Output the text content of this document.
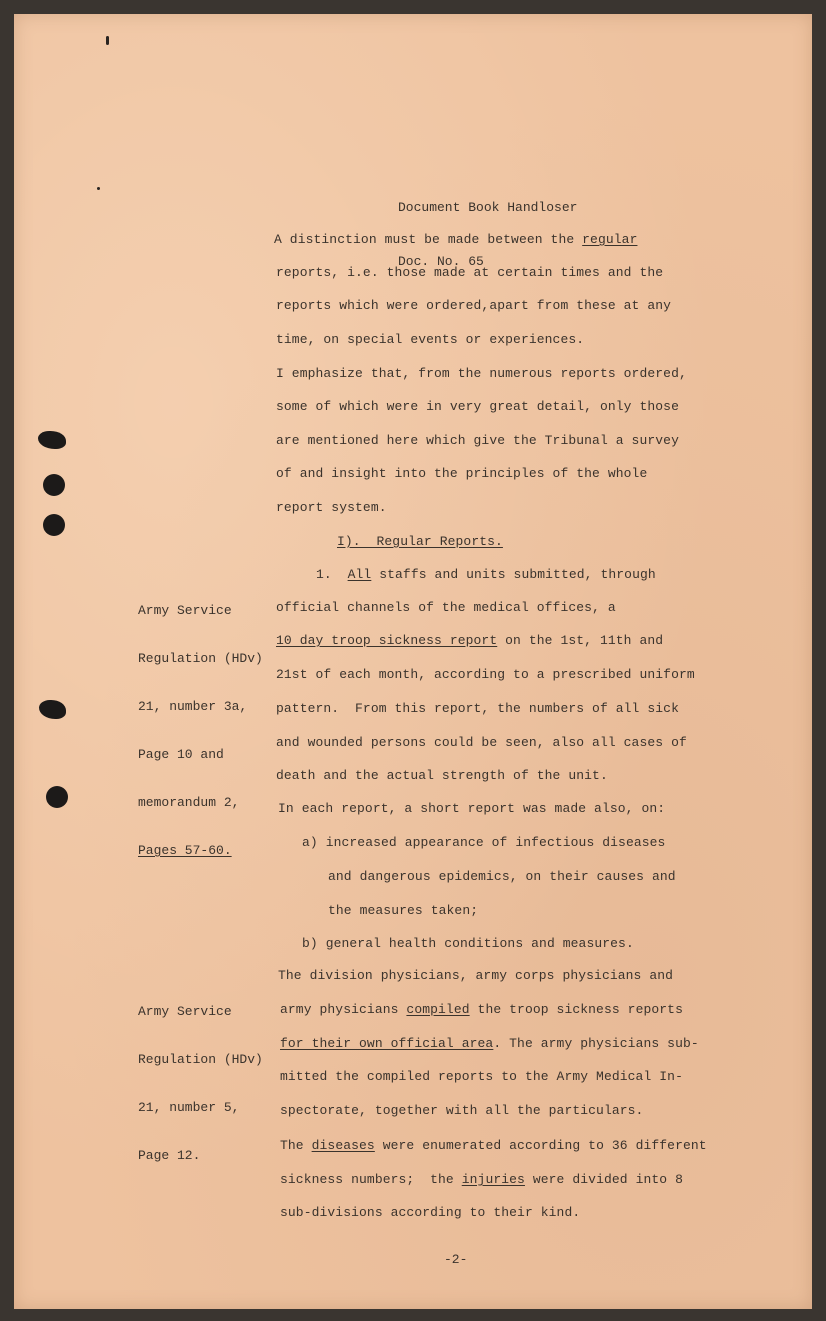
Document Book Handloser

Doc. No. 65

A distinction must be made between the regular
reports, i.e. those made at certain times and the
reports which were ordered,apart from these at any
time, on special events or experiences.
I emphasize that, from the numerous reports ordered,
some of which were in very great detail, only those
are mentioned here which give the Tribunal a survey
of and insight into the principles of the whole
report system.
I).  Regular Reports.
1.  All staffs and units submitted, through
official channels of the medical offices, a
10 day troop sickness report on the 1st, 11th and
21st of each month, according to a prescribed uniform
pattern.  From this report, the numbers of all sick
and wounded persons could be seen, also all cases of
death and the actual strength of the unit.
In each report, a short report was made also, on:
a) increased appearance of infectious diseases
and dangerous epidemics, on their causes and
the measures taken;
b) general health conditions and measures.
The division physicians, army corps physicians and
army physicians compiled the troop sickness reports
for their own official area. The army physicians sub-
mitted the compiled reports to the Army Medical In-
spectorate, together with all the particulars.
The diseases were enumerated according to 36 different
sickness numbers;  the injuries were divided into 8
sub-divisions according to their kind.

Army Service

Regulation (HDv)

21, number 3a,

Page 10 and

memorandum 2,

Pages 57-60.

Army Service

Regulation (HDv)

21, number 5,

Page 12.

-2-
